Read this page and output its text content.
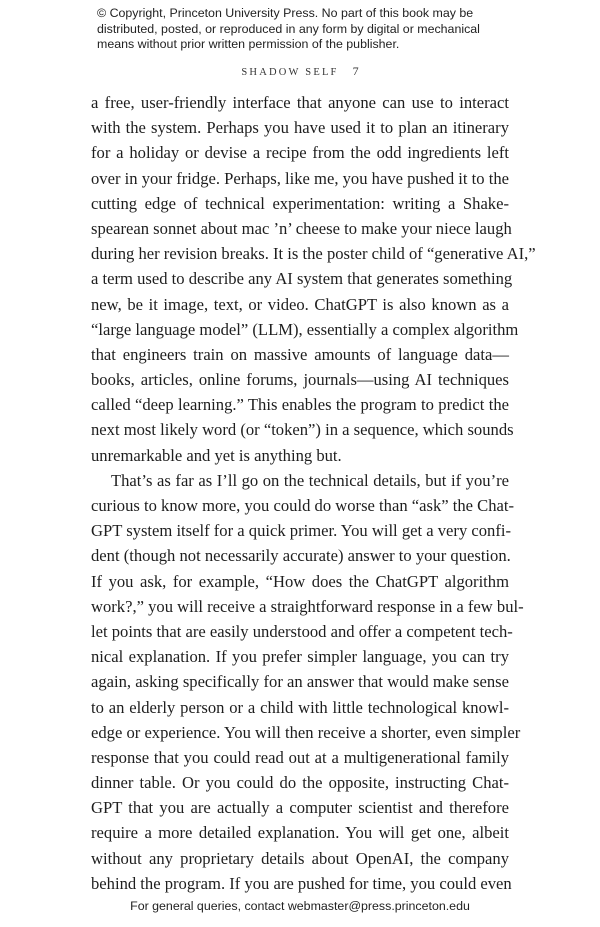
© Copyright, Princeton University Press. No part of this book may be
distributed, posted, or reproduced in any form by digital or mechanical
means without prior written permission of the publisher.
SHADOW SELF 7
a free, user-friendly interface that anyone can use to interact
with the system. Perhaps you have used it to plan an itinerary
for a holiday or devise a recipe from the odd ingredients left
over in your fridge. Perhaps, like me, you have pushed it to the
cutting edge of technical experimentation: writing a Shake-
spearean sonnet about mac ’n’ cheese to make your niece laugh
during her revision breaks. It is the poster child of “generative AI,”
a term used to describe any AI system that generates something
new, be it image, text, or video. ChatGPT is also known as a
“large language model” (LLM), essentially a complex algorithm
that engineers train on massive amounts of language data—
books, articles, online forums, journals—using AI techniques
called “deep learning.” This enables the program to predict the
next most likely word (or “token”) in a sequence, which sounds
unremarkable and yet is anything but.
That’s as far as I’ll go on the technical details, but if you’re
curious to know more, you could do worse than “ask” the Chat-
GPT system itself for a quick primer. You will get a very confi-
dent (though not necessarily accurate) answer to your question.
If you ask, for example, “How does the ChatGPT algorithm
work?,” you will receive a straightforward response in a few bul-
let points that are easily understood and offer a competent tech-
nical explanation. If you prefer simpler language, you can try
again, asking specifically for an answer that would make sense
to an elderly person or a child with little technological knowl-
edge or experience. You will then receive a shorter, even simpler
response that you could read out at a multigenerational family
dinner table. Or you could do the opposite, instructing Chat-
GPT that you are actually a computer scientist and therefore
require a more detailed explanation. You will get one, albeit
without any proprietary details about OpenAI, the company
behind the program. If you are pushed for time, you could even
For general queries, contact webmaster@press.princeton.edu
